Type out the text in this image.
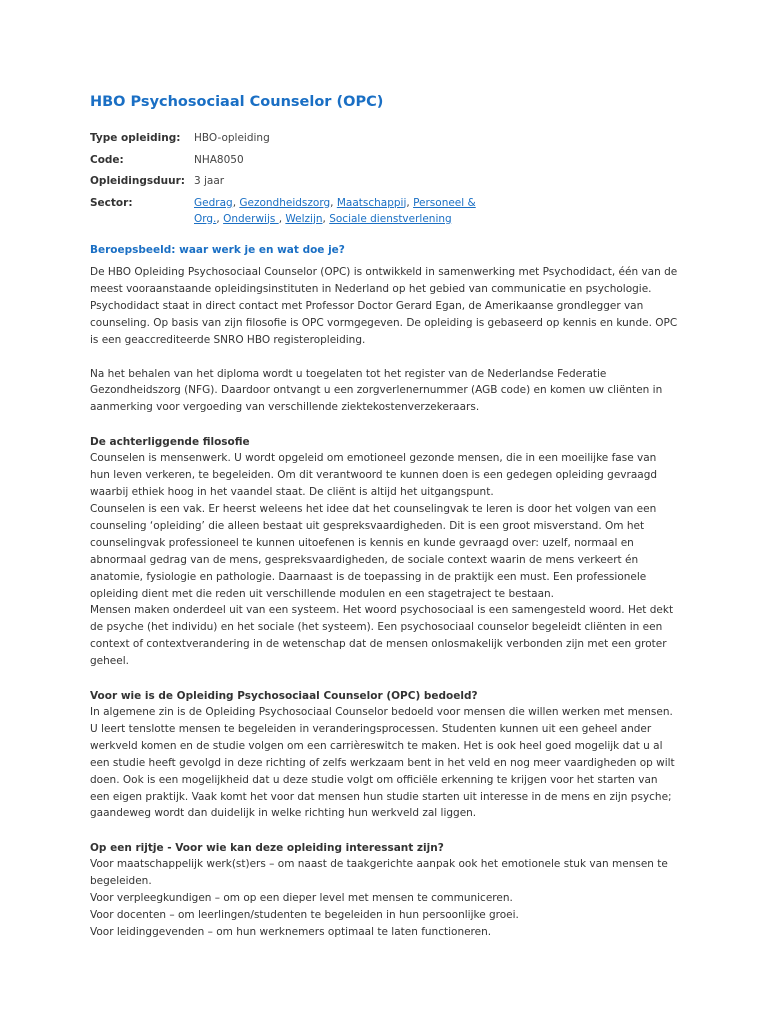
HBO Psychosociaal Counselor (OPC)
Type opleiding:	HBO-opleiding
Code:	NHA8050
Opleidingsduur: 3 jaar
Sector:	Gedrag, Gezondheidszorg, Maatschappij, Personeel & Org., Onderwijs , Welzijn, Sociale dienstverlening
Beroepsbeeld: waar werk je en wat doe je?

De HBO Opleiding Psychosociaal Counselor (OPC) is ontwikkeld in samenwerking met Psychodidact, één van de meest vooraanstaande opleidingsinstituten in Nederland op het gebied van communicatie en psychologie. Psychodidact staat in direct contact met Professor Doctor Gerard Egan, de Amerikaanse grondlegger van counseling. Op basis van zijn filosofie is OPC vormgegeven. De opleiding is gebaseerd op kennis en kunde. OPC is een geaccrediteerde SNRO HBO registeropleiding.

Na het behalen van het diploma wordt u toegelaten tot het register van de Nederlandse Federatie Gezondheidszorg (NFG). Daardoor ontvangt u een zorgverlenernummer (AGB code) en komen uw cliënten in aanmerking voor vergoeding van verschillende ziektekostenverzekeraars.

De achterliggende filosofie

Counselen is mensenwerk. U wordt opgeleid om emotioneel gezonde mensen, die in een moeilijke fase van hun leven verkeren, te begeleiden. Om dit verantwoord te kunnen doen is een gedegen opleiding gevraagd waarbij ethiek hoog in het vaandel staat. De cliënt is altijd het uitgangspunt.

Counselen is een vak. Er heerst weleens het idee dat het counselingvak te leren is door het volgen van een counseling ‘opleiding’ die alleen bestaat uit gespreksvaardigheden. Dit is een groot misverstand. Om het counselingvak professioneel te kunnen uitoefenen is kennis en kunde gevraagd over: uzelf, normaal en abnormaal gedrag van de mens, gespreksvaardigheden, de sociale context waarin de mens verkeert én anatomie, fysiologie en pathologie. Daarnaast is de toepassing in de praktijk een must. Een professionele opleiding dient met die reden uit verschillende modulen en een stagetraject te bestaan.

Mensen maken onderdeel uit van een systeem. Het woord psychosociaal is een samengesteld woord. Het dekt de psyche (het individu) en het sociale (het systeem). Een psychosociaal counselor begeleidt cliënten in een context of contextverandering in de wetenschap dat de mensen onlosmakelijk verbonden zijn met een groter geheel.

Voor wie is de Opleiding Psychosociaal Counselor (OPC) bedoeld?

In algemene zin is de Opleiding Psychosociaal Counselor bedoeld voor mensen die willen werken met mensen. U leert tenslotte mensen te begeleiden in veranderingsprocessen. Studenten kunnen uit een geheel ander werkveld komen en de studie volgen om een carrièreswitch te maken. Het is ook heel goed mogelijk dat u al een studie heeft gevolgd in deze richting of zelfs werkzaam bent in het veld en nog meer vaardigheden op wilt doen. Ook is een mogelijkheid dat u deze studie volgt om officiële erkenning te krijgen voor het starten van een eigen praktijk. Vaak komt het voor dat mensen hun studie starten uit interesse in de mens en zijn psyche; gaandeweg wordt dan duidelijk in welke richting hun werkveld zal liggen.

Op een rijtje - Voor wie kan deze opleiding interessant zijn?

Voor maatschappelijk werk(st)ers – om naast de taakgerichte aanpak ook het emotionele stuk van mensen te begeleiden.

Voor verpleegkundigen – om op een dieper level met mensen te communiceren.

Voor docenten – om leerlingen/studenten te begeleiden in hun persoonlijke groei.

Voor leidinggevenden – om hun werknemers optimaal te laten functioneren.
